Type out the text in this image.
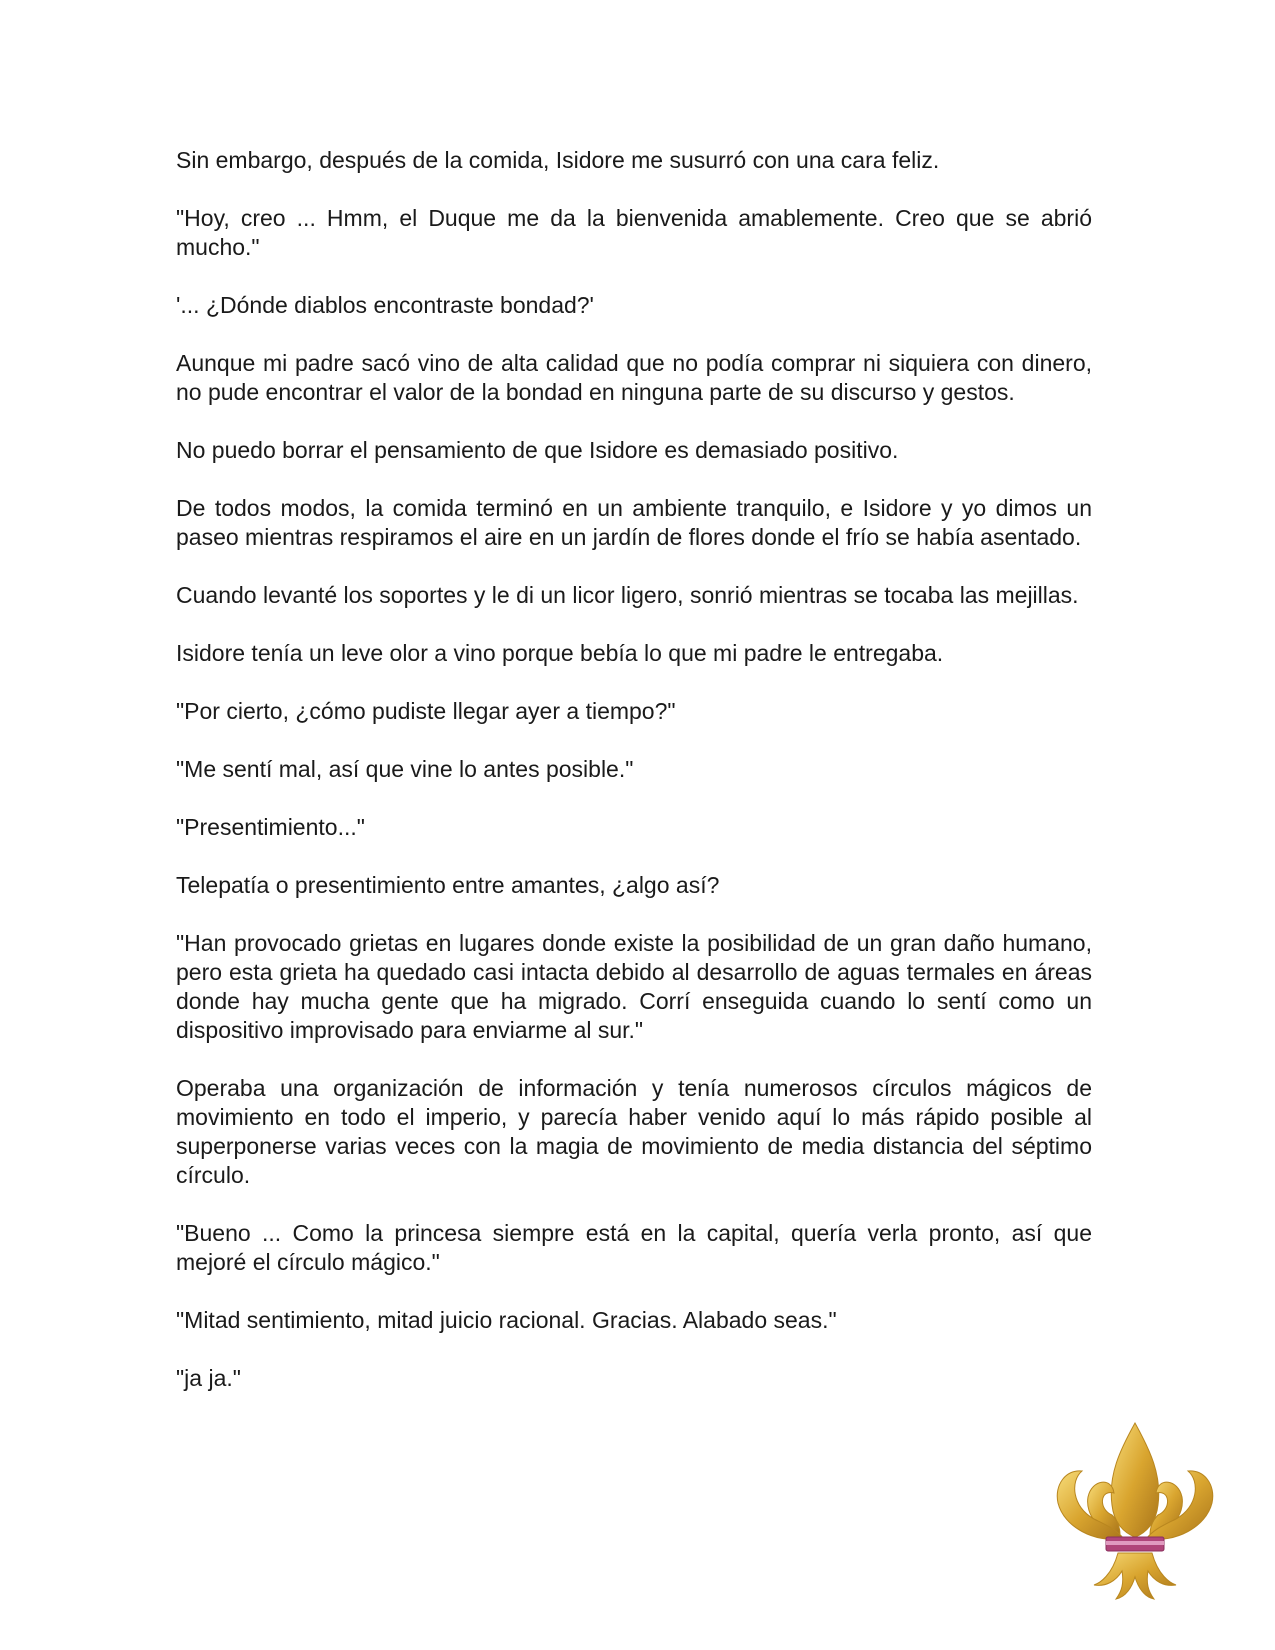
Sin embargo, después de la comida, Isidore me susurró con una cara feliz.

"Hoy, creo ... Hmm, el Duque me da la bienvenida amablemente. Creo que se abrió mucho."

'... ¿Dónde diablos encontraste bondad?'

Aunque mi padre sacó vino de alta calidad que no podía comprar ni siquiera con dinero, no pude encontrar el valor de la bondad en ninguna parte de su discurso y gestos.

No puedo borrar el pensamiento de que Isidore es demasiado positivo.

De todos modos, la comida terminó en un ambiente tranquilo, e Isidore y yo dimos un paseo mientras respiramos el aire en un jardín de flores donde el frío se había asentado.

Cuando levanté los soportes y le di un licor ligero, sonrió mientras se tocaba las mejillas.

Isidore tenía un leve olor a vino porque bebía lo que mi padre le entregaba.

"Por cierto, ¿cómo pudiste llegar ayer a tiempo?"

"Me sentí mal, así que vine lo antes posible."

"Presentimiento..."

Telepatía o presentimiento entre amantes, ¿algo así?

"Han provocado grietas en lugares donde existe la posibilidad de un gran daño humano, pero esta grieta ha quedado casi intacta debido al desarrollo de aguas termales en áreas donde hay mucha gente que ha migrado. Corrí enseguida cuando lo sentí como un dispositivo improvisado para enviarme al sur."

Operaba una organización de información y tenía numerosos círculos mágicos de movimiento en todo el imperio, y parecía haber venido aquí lo más rápido posible al superponerse varias veces con la magia de movimiento de media distancia del séptimo círculo.

"Bueno ... Como la princesa siempre está en la capital, quería verla pronto, así que mejoré el círculo mágico."

"Mitad sentimiento, mitad juicio racional. Gracias. Alabado seas."

"ja ja."
